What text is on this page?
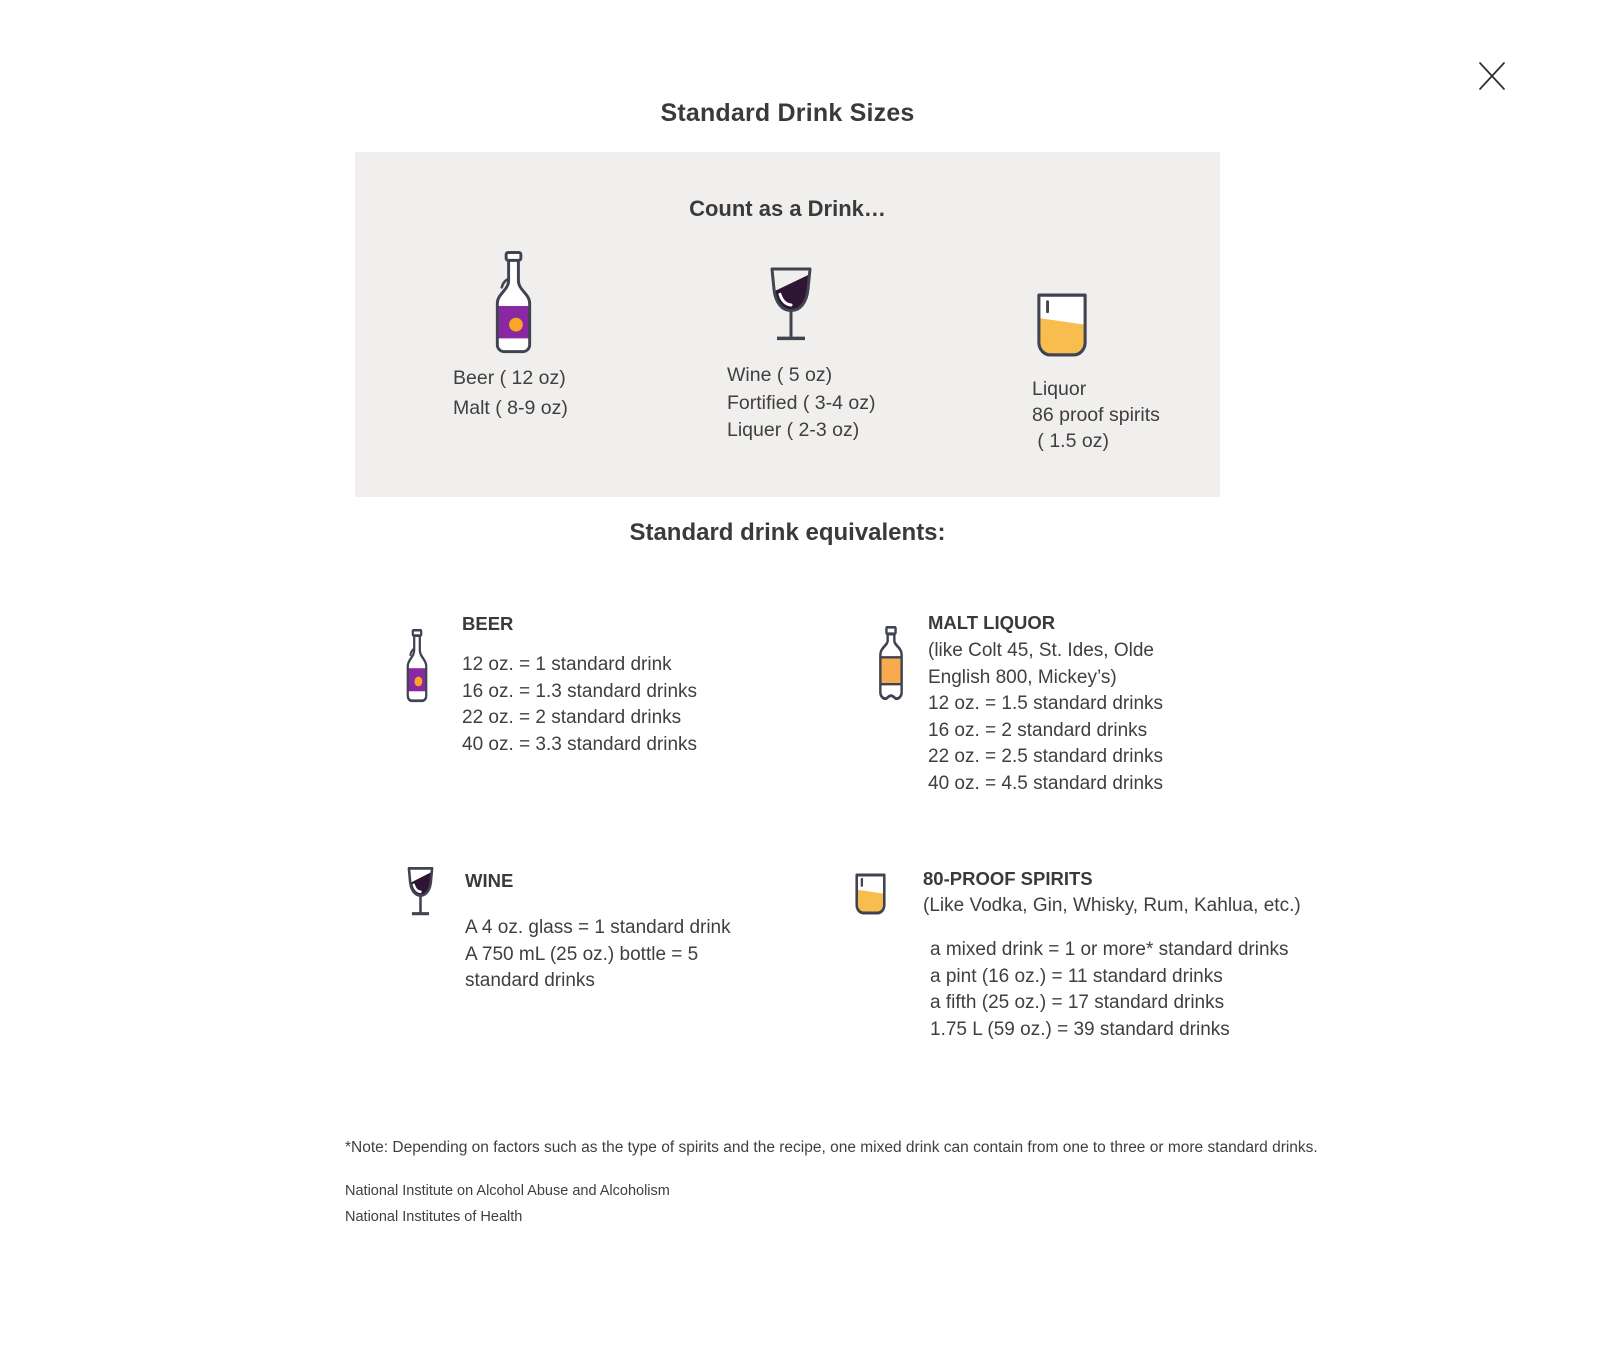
Standard Drink Sizes
Count as a Drink…
Beer ( 12 oz)
Malt ( 8-9 oz)
Wine ( 5 oz)
Fortified ( 3-4 oz)
Liquer ( 2-3 oz)
Liquor
86 proof spirits
( 1.5 oz)
Standard drink equivalents:
BEER
12 oz. = 1 standard drink
16 oz. = 1.3 standard drinks
22 oz. = 2 standard drinks
40 oz. = 3.3 standard drinks
MALT LIQUOR
(like Colt 45, St. Ides, Olde
English 800, Mickey’s)
12 oz. = 1.5 standard drinks
16 oz. = 2 standard drinks
22 oz. = 2.5 standard drinks
40 oz. = 4.5 standard drinks
WINE
A 4 oz. glass = 1 standard drink
A 750 mL (25 oz.) bottle = 5
standard drinks
80-PROOF SPIRITS
(Like Vodka, Gin, Whisky, Rum, Kahlua, etc.)
a mixed drink = 1 or more* standard drinks
a pint (16 oz.) = 11 standard drinks
a fifth (25 oz.) = 17 standard drinks
1.75 L (59 oz.) = 39 standard drinks
*Note: Depending on factors such as the type of spirits and the recipe, one mixed drink can contain from one to three or more standard drinks.
National Institute on Alcohol Abuse and Alcoholism
National Institutes of Health
